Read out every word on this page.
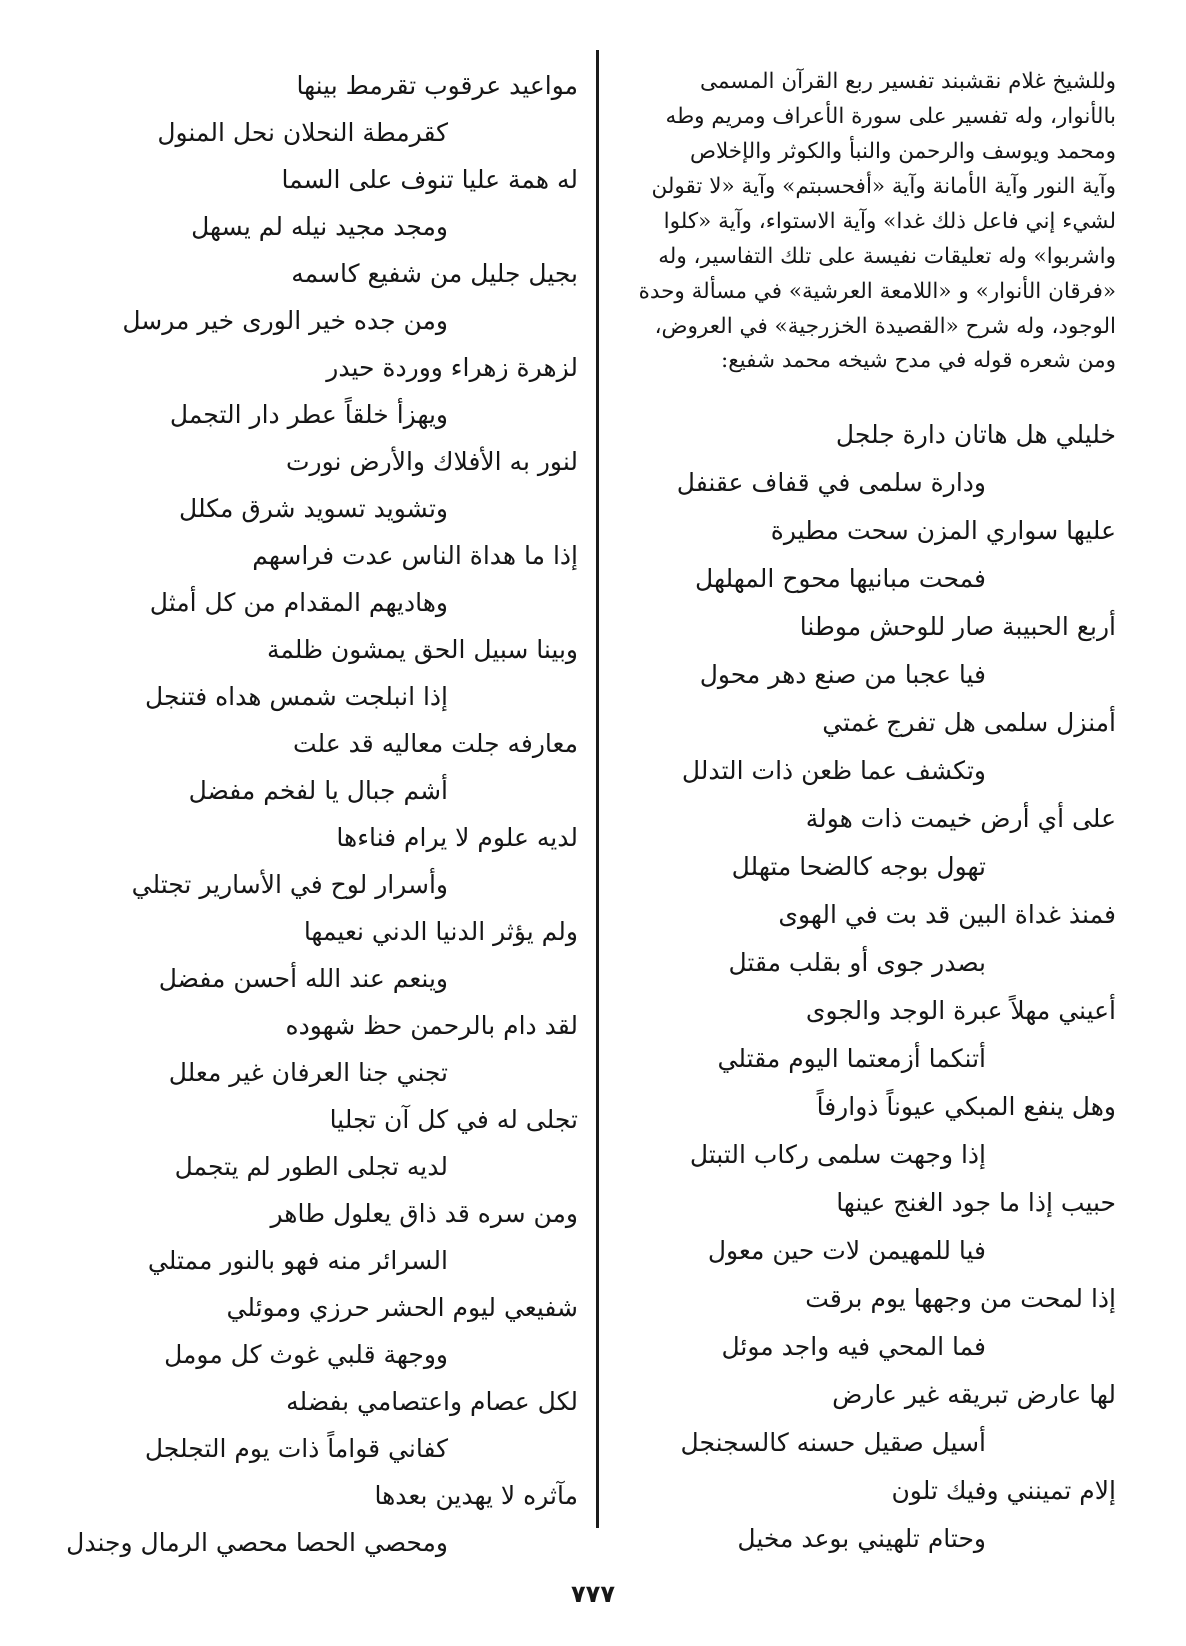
وللشيخ غلام نقشبند تفسير ربع القرآن المسمى
بالأنوار، وله تفسير على سورة الأعراف ومريم وطه
ومحمد ويوسف والرحمن والنبأ والكوثر والإخلاص
وآية النور وآية الأمانة وآية «أفحسبتم» وآية «لا تقولن
لشيء إني فاعل ذلك غدا» وآية الاستواء، وآية «كلوا
واشربوا» وله تعليقات نفيسة على تلك التفاسير، وله
«فرقان الأنوار» و «اللامعة العرشية» في مسألة وحدة
الوجود، وله شرح «القصيدة الخزرجية» في العروض،
ومن شعره قوله في مدح شيخه محمد شفيع:
خليلي هل هاتان دارة جلجل
ودارة سلمى في قفاف عقنفل
عليها سواري المزن سحت مطيرة
فمحت مبانيها محوح المهلهل
أربع الحبيبة صار للوحش موطنا
فيا عجبا من صنع دهر محول
أمنزل سلمى هل تفرج غمتي
وتكشف عما ظعن ذات التدلل
على أي أرض خيمت ذات هولة
تهول بوجه كالضحا متهلل
فمنذ غداة البين قد بت في الهوى
بصدر جوى أو بقلب مقتل
أعيني مهلاً عبرة الوجد والجوى
أتنكما أزمعتما اليوم مقتلي
وهل ينفع المبكي عيوناً ذوارفاً
إذا وجهت سلمى ركاب التبتل
حبيب إذا ما جود الغنج عينها
فيا للمهيمن لات حين معول
إذا لمحت من وجهها يوم برقت
فما المحي فيه واجد موئل
لها عارض تبريقه غير عارض
أسيل صقيل حسنه كالسجنجل
إلام تمينني وفيك تلون
وحتام تلهيني بوعد مخيل
مواعيد عرقوب تقرمط بينها
كقرمطة النحلان نحل المنول
له همة عليا تنوف على السما
ومجد مجيد نيله لم يسهل
بجيل جليل من شفيع كاسمه
ومن جده خير الورى خير مرسل
لزهرة زهراء ووردة حيدر
ويهزأ خلقاً عطر دار التجمل
لنور به الأفلاك والأرض نورت
وتشويد تسويد شرق مكلل
إذا ما هداة الناس عدت فراسهم
وهاديهم المقدام من كل أمثل
وبينا سبيل الحق يمشون ظلمة
إذا انبلجت شمس هداه فتنجل
معارفه جلت معاليه قد علت
أشم جبال يا لفخم مفضل
لديه علوم لا يرام فناءها
وأسرار لوح في الأسارير تجتلي
ولم يؤثر الدنيا الدني نعيمها
وينعم عند الله أحسن مفضل
لقد دام بالرحمن حظ شهوده
تجني جنا العرفان غير معلل
تجلى له في كل آن تجليا
لديه تجلى الطور لم يتجمل
ومن سره قد ذاق يعلول طاهر
السرائر منه فهو بالنور ممتلي
شفيعي ليوم الحشر حرزي وموئلي
ووجهة قلبي غوث كل مومل
لكل عصام واعتصامي بفضله
كفاني قواماً ذات يوم التجلجل
مآثره لا يهدين بعدها
ومحصي الحصا محصي الرمال وجندل
٧٧٧
